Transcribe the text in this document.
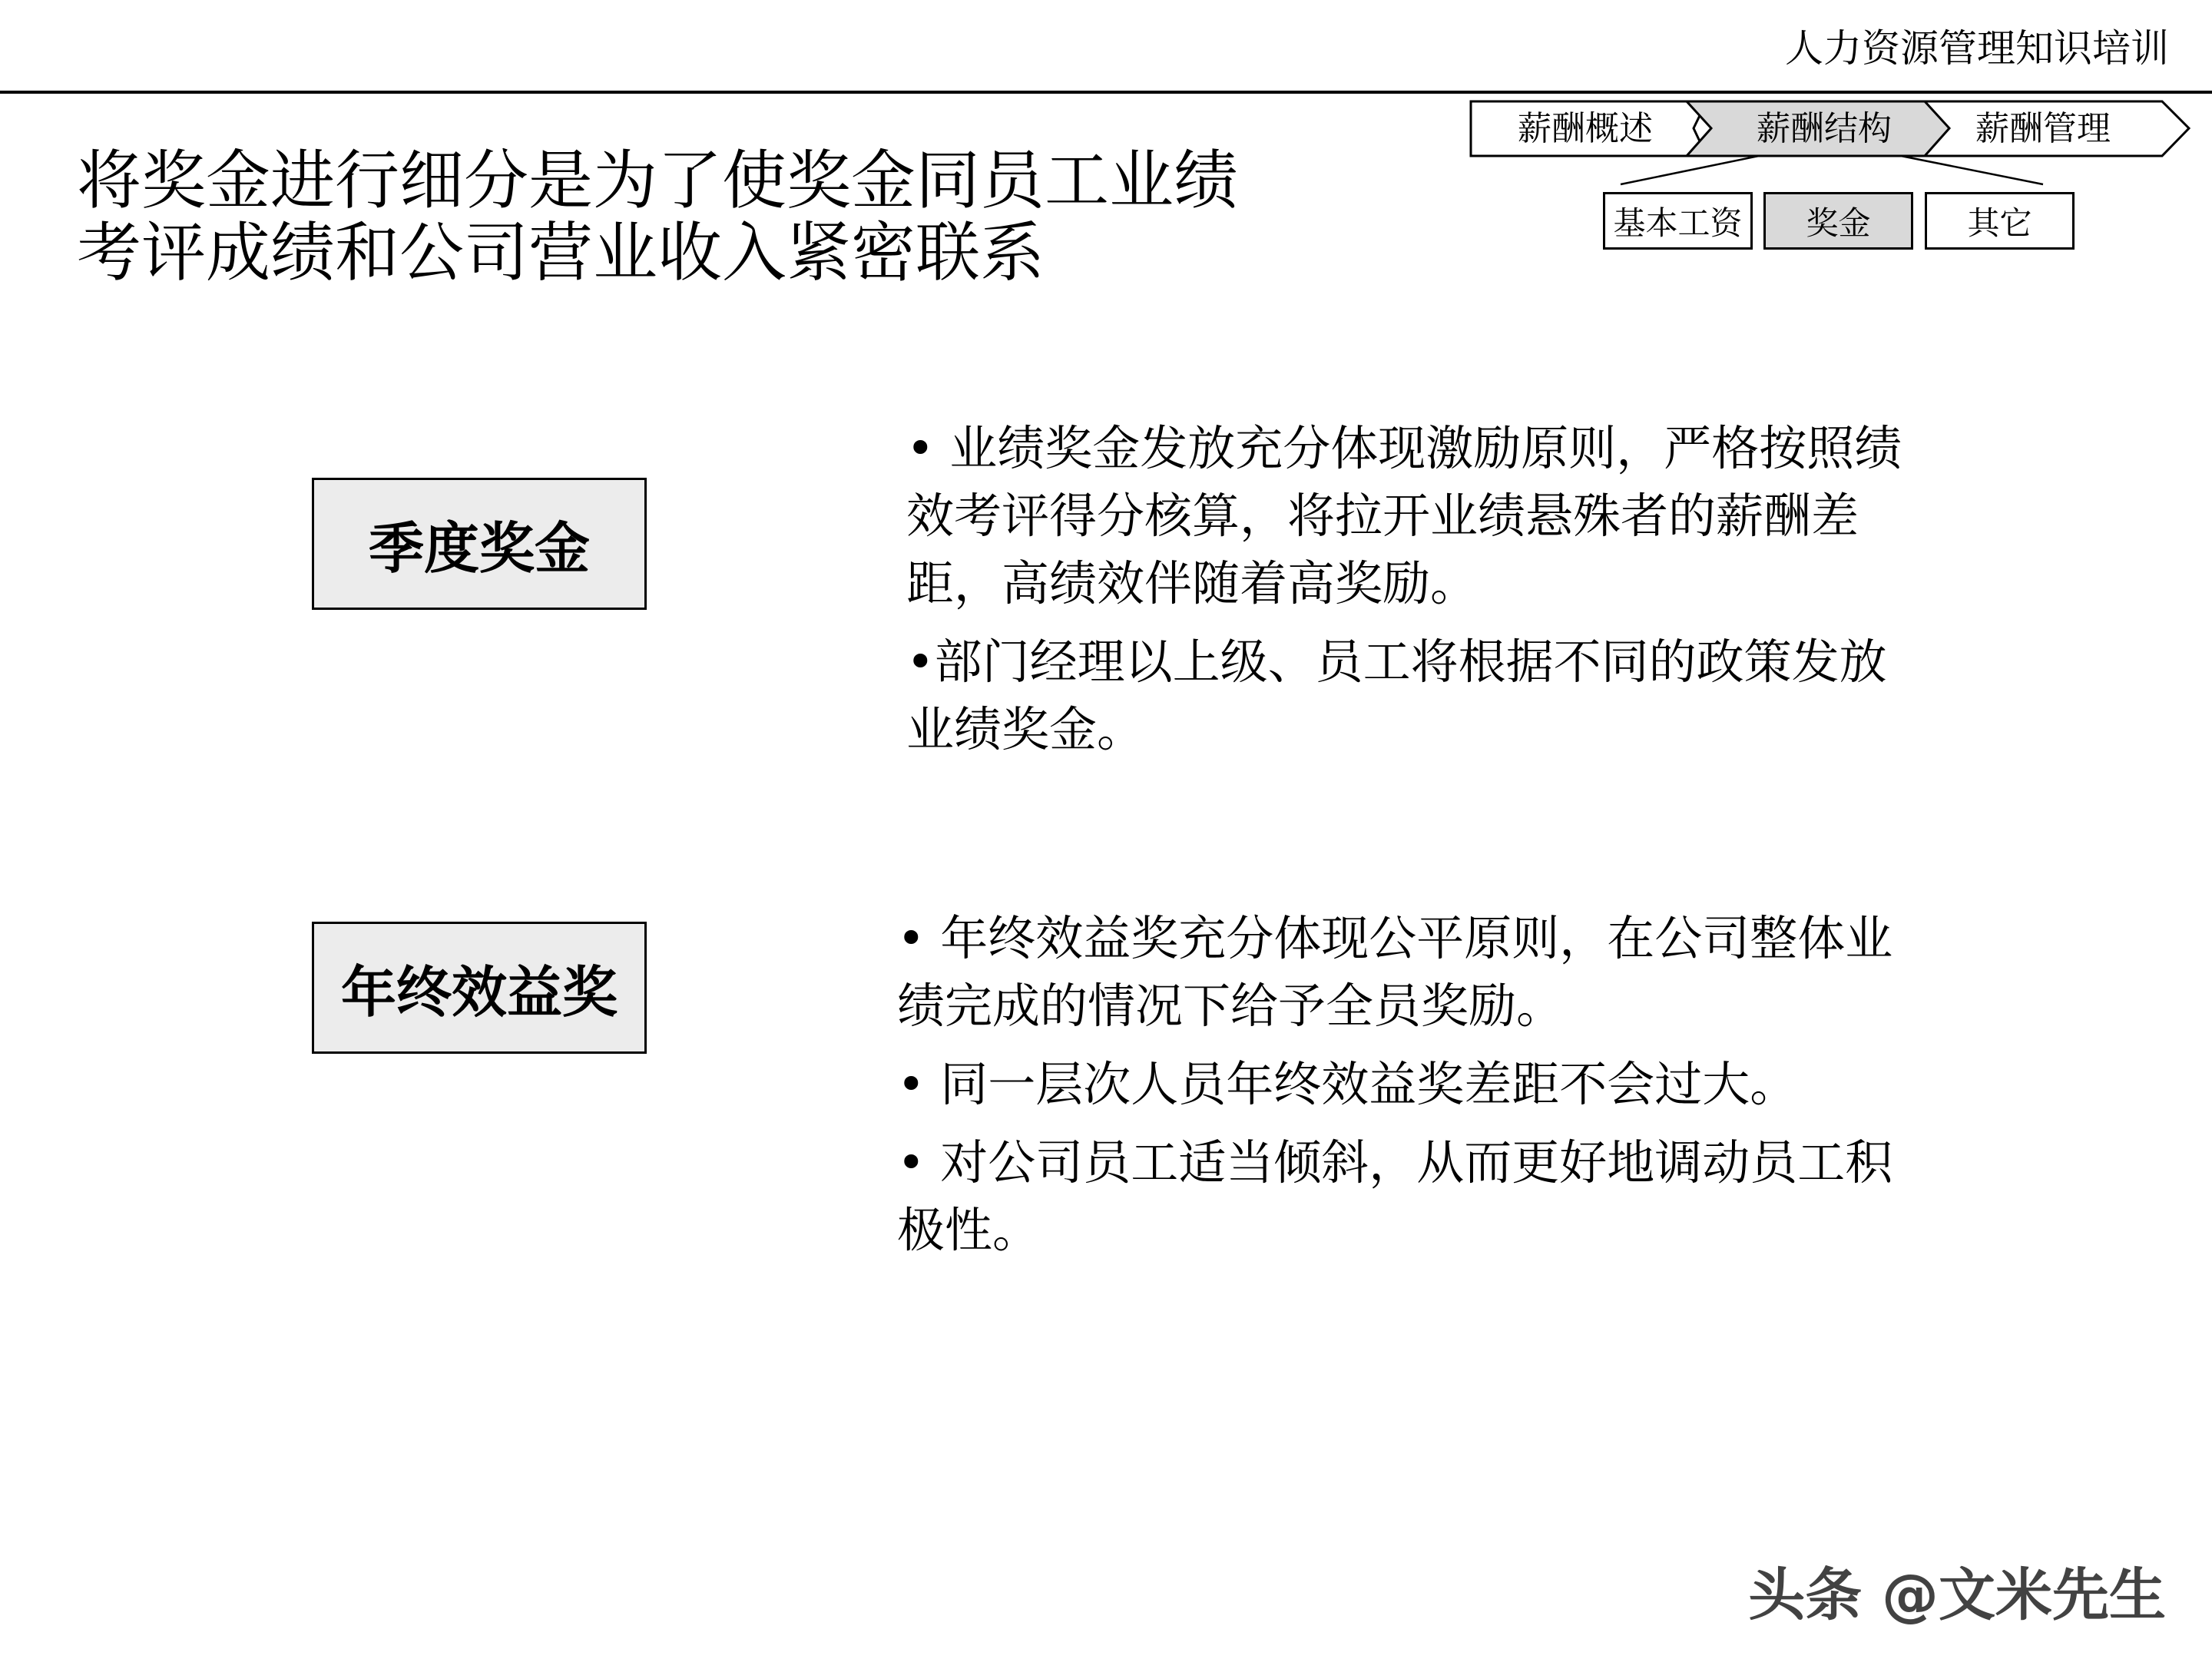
人力资源管理知识培训
将奖金进行细分是为了使奖金同员工业绩
考评成绩和公司营业收入紧密联系
薪酬概述	薪酬结构 薪酬管理
基本工资	奖金	其它
季度奖金
• 业绩奖金发放充分体现激励原则，严格按照绩效考评得分核算，将拉开业绩悬殊者的薪酬差距，高绩效伴随着高奖励。
•部门经理以上级、员工将根据不同的政策发放业绩奖金。
年终效益奖
• 年终效益奖充分体现公平原则，在公司整体业绩完成的情况下给予全员奖励。
• 同一层次人员年终效益奖差距不会过大。
• 对公司员工适当倾斜，从而更好地调动员工积极性。
头条 @文米先生
